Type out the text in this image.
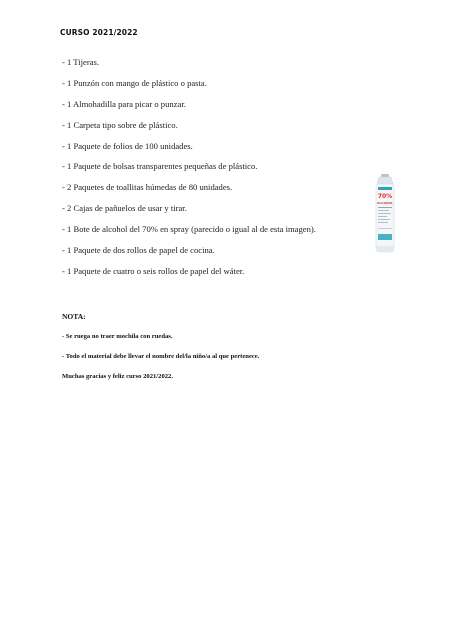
CURSO 2021/2022
- 1 Tijeras.
- 1 Punzón con mango de plástico o pasta.
- 1 Almohadilla para picar o punzar.
- 1 Carpeta tipo sobre de plástico.
- 1 Paquete de folios de 100 unidades.
- 1 Paquete de bolsas transparentes pequeñas de plástico.
- 2 Paquetes de toallitas húmedas de 80 unidades.
- 2 Cajas de pañuelos de usar y tirar.
- 1 Bote de alcohol del 70% en spray (parecido o igual al de esta imagen).
- 1 Paquete de dos rollos de papel de cocina.
- 1 Paquete de cuatro o seis rollos de papel del wáter.
NOTA:
- Se ruega no traer mochila con ruedas.
- Todo el material debe llevar el nombre del/la niño/a al que pertenece.
Muchas gracias y feliz curso 2021/2022.
70%
ALCOHOL
